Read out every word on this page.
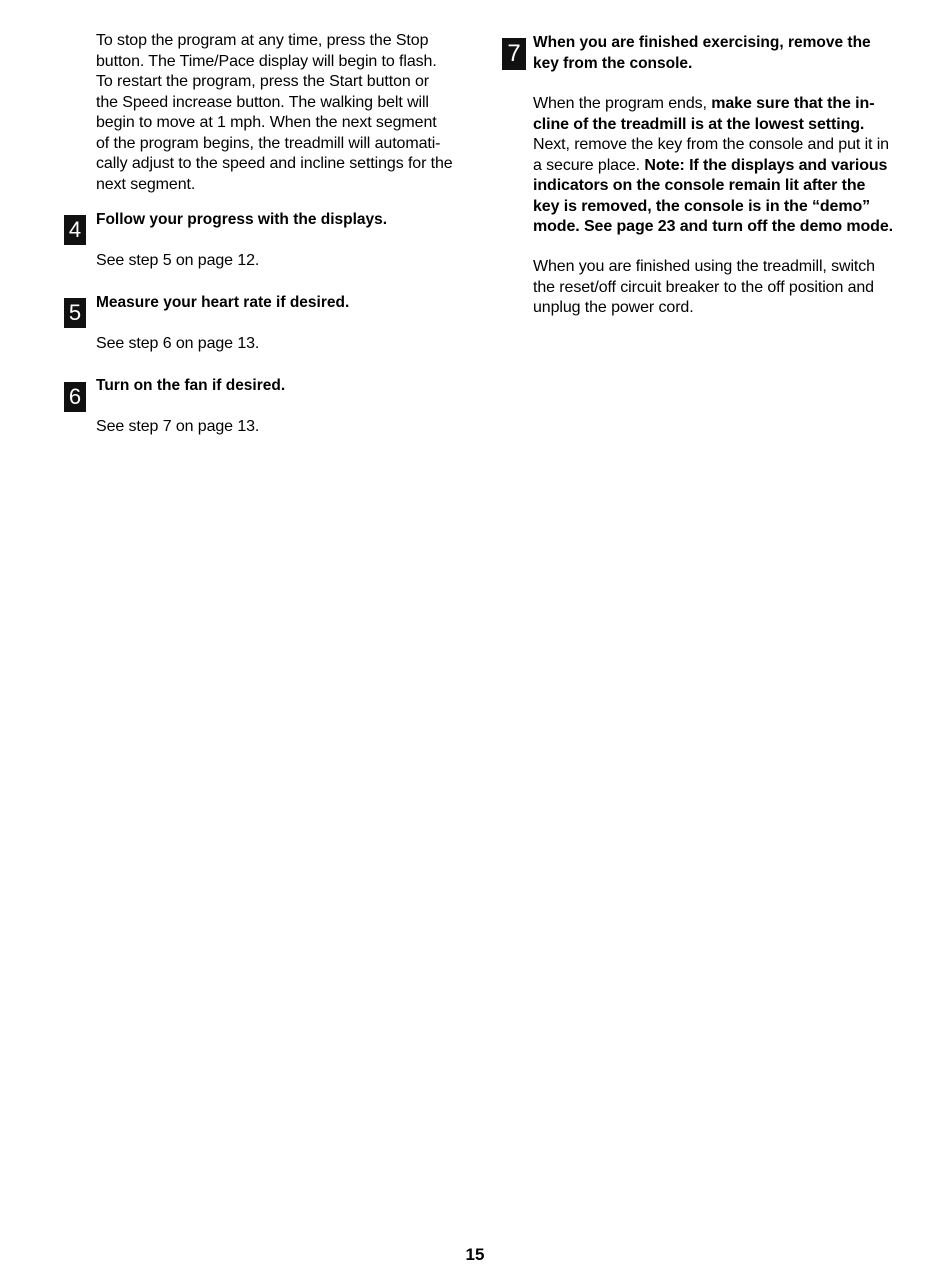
To stop the program at any time, press the Stop
button. The Time/Pace display will begin to flash.
To restart the program, press the Start button or
the Speed increase button. The walking belt will
begin to move at 1 mph. When the next segment
of the program begins, the treadmill will automati-
cally adjust to the speed and incline settings for the
next segment.
4 Follow your progress with the displays.
See step 5 on page 12.
5 Measure your heart rate if desired.
See step 6 on page 13.
6 Turn on the fan if desired.
See step 7 on page 13.
7 When you are finished exercising, remove the
key from the console.
When the program ends, make sure that the in-
cline of the treadmill is at the lowest setting.
Next, remove the key from the console and put it in
a secure place. Note: If the displays and various
indicators on the console remain lit after the
key is removed, the console is in the “demo”
mode. See page 23 and turn off the demo mode.
When you are finished using the treadmill, switch
the reset/off circuit breaker to the off position and
unplug the power cord.
15
